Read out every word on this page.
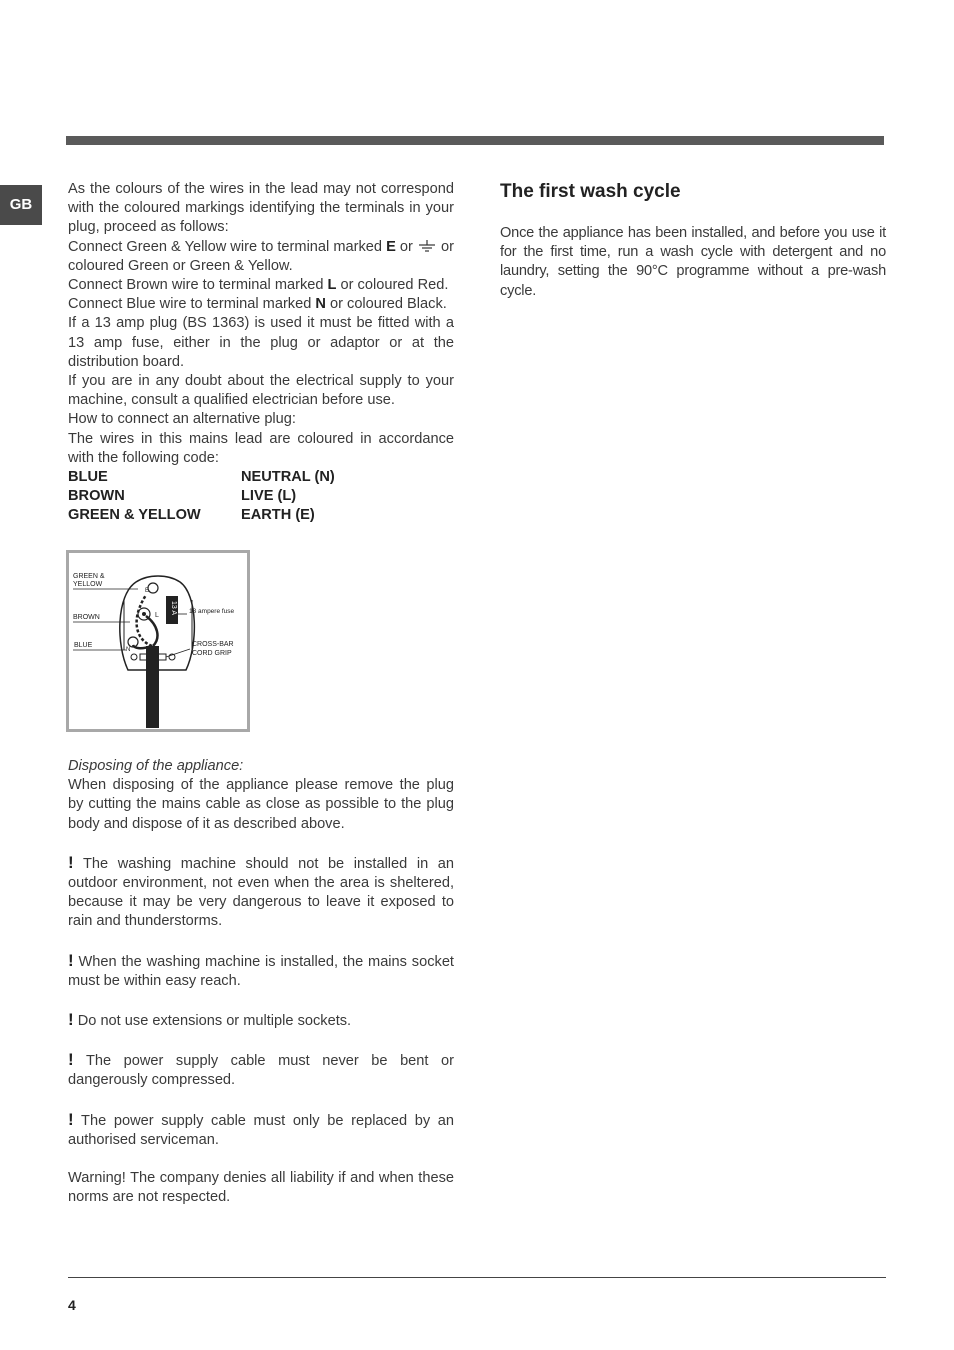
GB

As the colours of the wires in the lead may not correspond with the coloured markings identifying the terminals in your plug, proceed as follows:

Connect Green & Yellow wire to terminal marked E or  or coloured Green or Green & Yellow.

Connect Brown wire to terminal marked L or coloured Red.

Connect Blue wire to terminal marked N or coloured Black.

If a 13 amp plug (BS 1363) is used it must be fitted with a 13 amp fuse, either in the plug or adaptor or at the distribution board.

If you are in any doubt about the electrical supply to your machine, consult a qualified electrician before use.

How to connect an alternative plug:

The wires in this mains lead are coloured in accordance with the following code:

BLUE	NEUTRAL (N)
BROWN	LIVE (L)
GREEN & YELLOW	EARTH (E)
13 A
E
L
N
GREEN &
YELLOW
BROWN
BLUE
13 ampere fuse
CROSS-BAR
CORD GRIP

Disposing of the appliance:

When disposing of the appliance please remove the plug by cutting the mains cable as close as possible to the plug body and dispose of it as described above.

! The washing machine should not be installed in an outdoor environment, not even when the area is sheltered, because it may be very dangerous to leave it exposed to rain and thunderstorms.

! When the washing machine is installed, the mains socket must be within easy reach.

! Do not use extensions or multiple sockets.

! The power supply cable must never be bent or dangerously compressed.

! The power supply cable must only be replaced by an authorised serviceman.

Warning! The company denies all liability if and when these norms are not respected.

The first wash cycle

Once the appliance has been installed, and before you use it for the first time, run a wash cycle with detergent and no laundry, setting the 90°C programme without a pre-wash cycle.

4
